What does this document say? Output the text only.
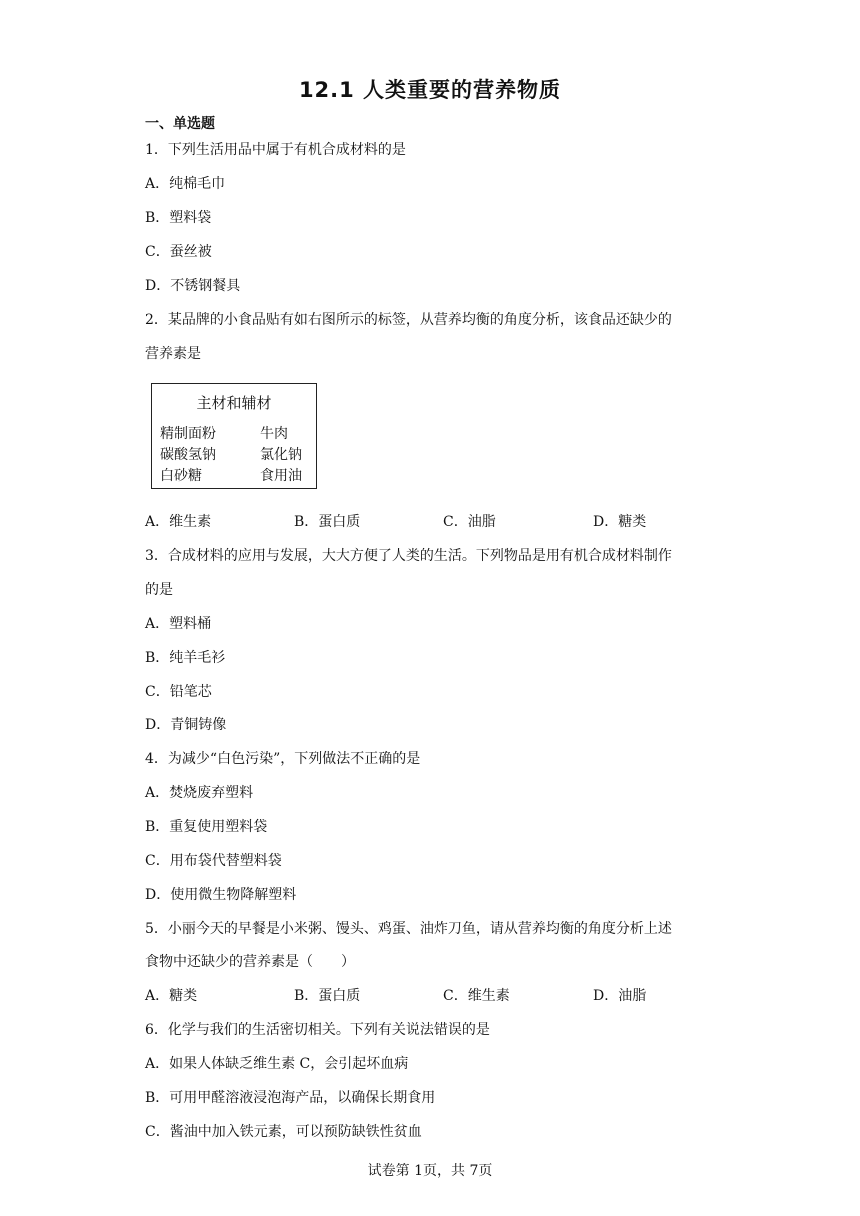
12.1 人类重要的营养物质
一、单选题
1．下列生活用品中属于有机合成材料的是
A．纯棉毛巾
B．塑料袋
C．蚕丝被
D．不锈钢餐具
2．某品牌的小食品贴有如右图所示的标签，从营养均衡的角度分析，该食品还缺少的
营养素是
主材和辅材
精制面粉	牛肉
碳酸氢钠	氯化钠
白砂糖	食用油
A．维生素	B．蛋白质	C．油脂	D．糖类
3．合成材料的应用与发展，大大方便了人类的生活。下列物品是用有机合成材料制作
的是
A．塑料桶
B．纯羊毛衫
C．铅笔芯
D．青铜铸像
4．为减少“白色污染”，下列做法不正确的是
A．焚烧废弃塑料
B．重复使用塑料袋
C．用布袋代替塑料袋
D．使用微生物降解塑料
5．小丽今天的早餐是小米粥、馒头、鸡蛋、油炸刀鱼，请从营养均衡的角度分析上述
食物中还缺少的营养素是（　　）
A．糖类	B．蛋白质	C．维生素	D．油脂
6．化学与我们的生活密切相关。下列有关说法错误的是
A．如果人体缺乏维生素 C，会引起坏血病
B．可用甲醛溶液浸泡海产品，以确保长期食用
C．酱油中加入铁元素，可以预防缺铁性贫血
试卷第 1页，共 7页
